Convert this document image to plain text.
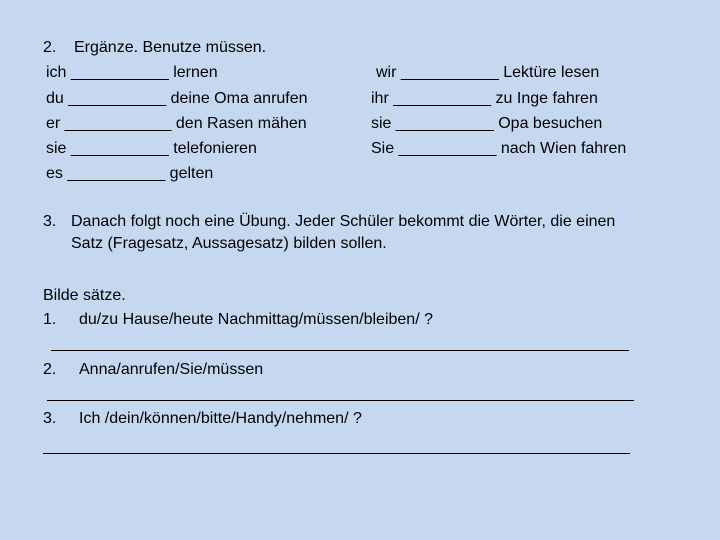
2. Ergänze. Benutze müssen.
ich ___________ lernen
du ___________ deine Oma anrufen
er ____________ den Rasen mähen
sie ___________ telefonieren
es ___________ gelten
wir ___________ Lektüre lesen
ihr ___________ zu Inge fahren
sie ___________ Opa besuchen
Sie ___________ nach Wien fahren
3. Danach folgt noch eine Übung. Jeder Schüler bekommt die Wörter, die einen
Satz (Fragesatz, Aussagesatz) bilden sollen.
Bilde sätze.
1. du/zu Hause/heute Nachmittag/müssen/bleiben/ ?
2. Anna/anrufen/Sie/müssen
3. Ich /dein/können/bitte/Handy/nehmen/ ?
